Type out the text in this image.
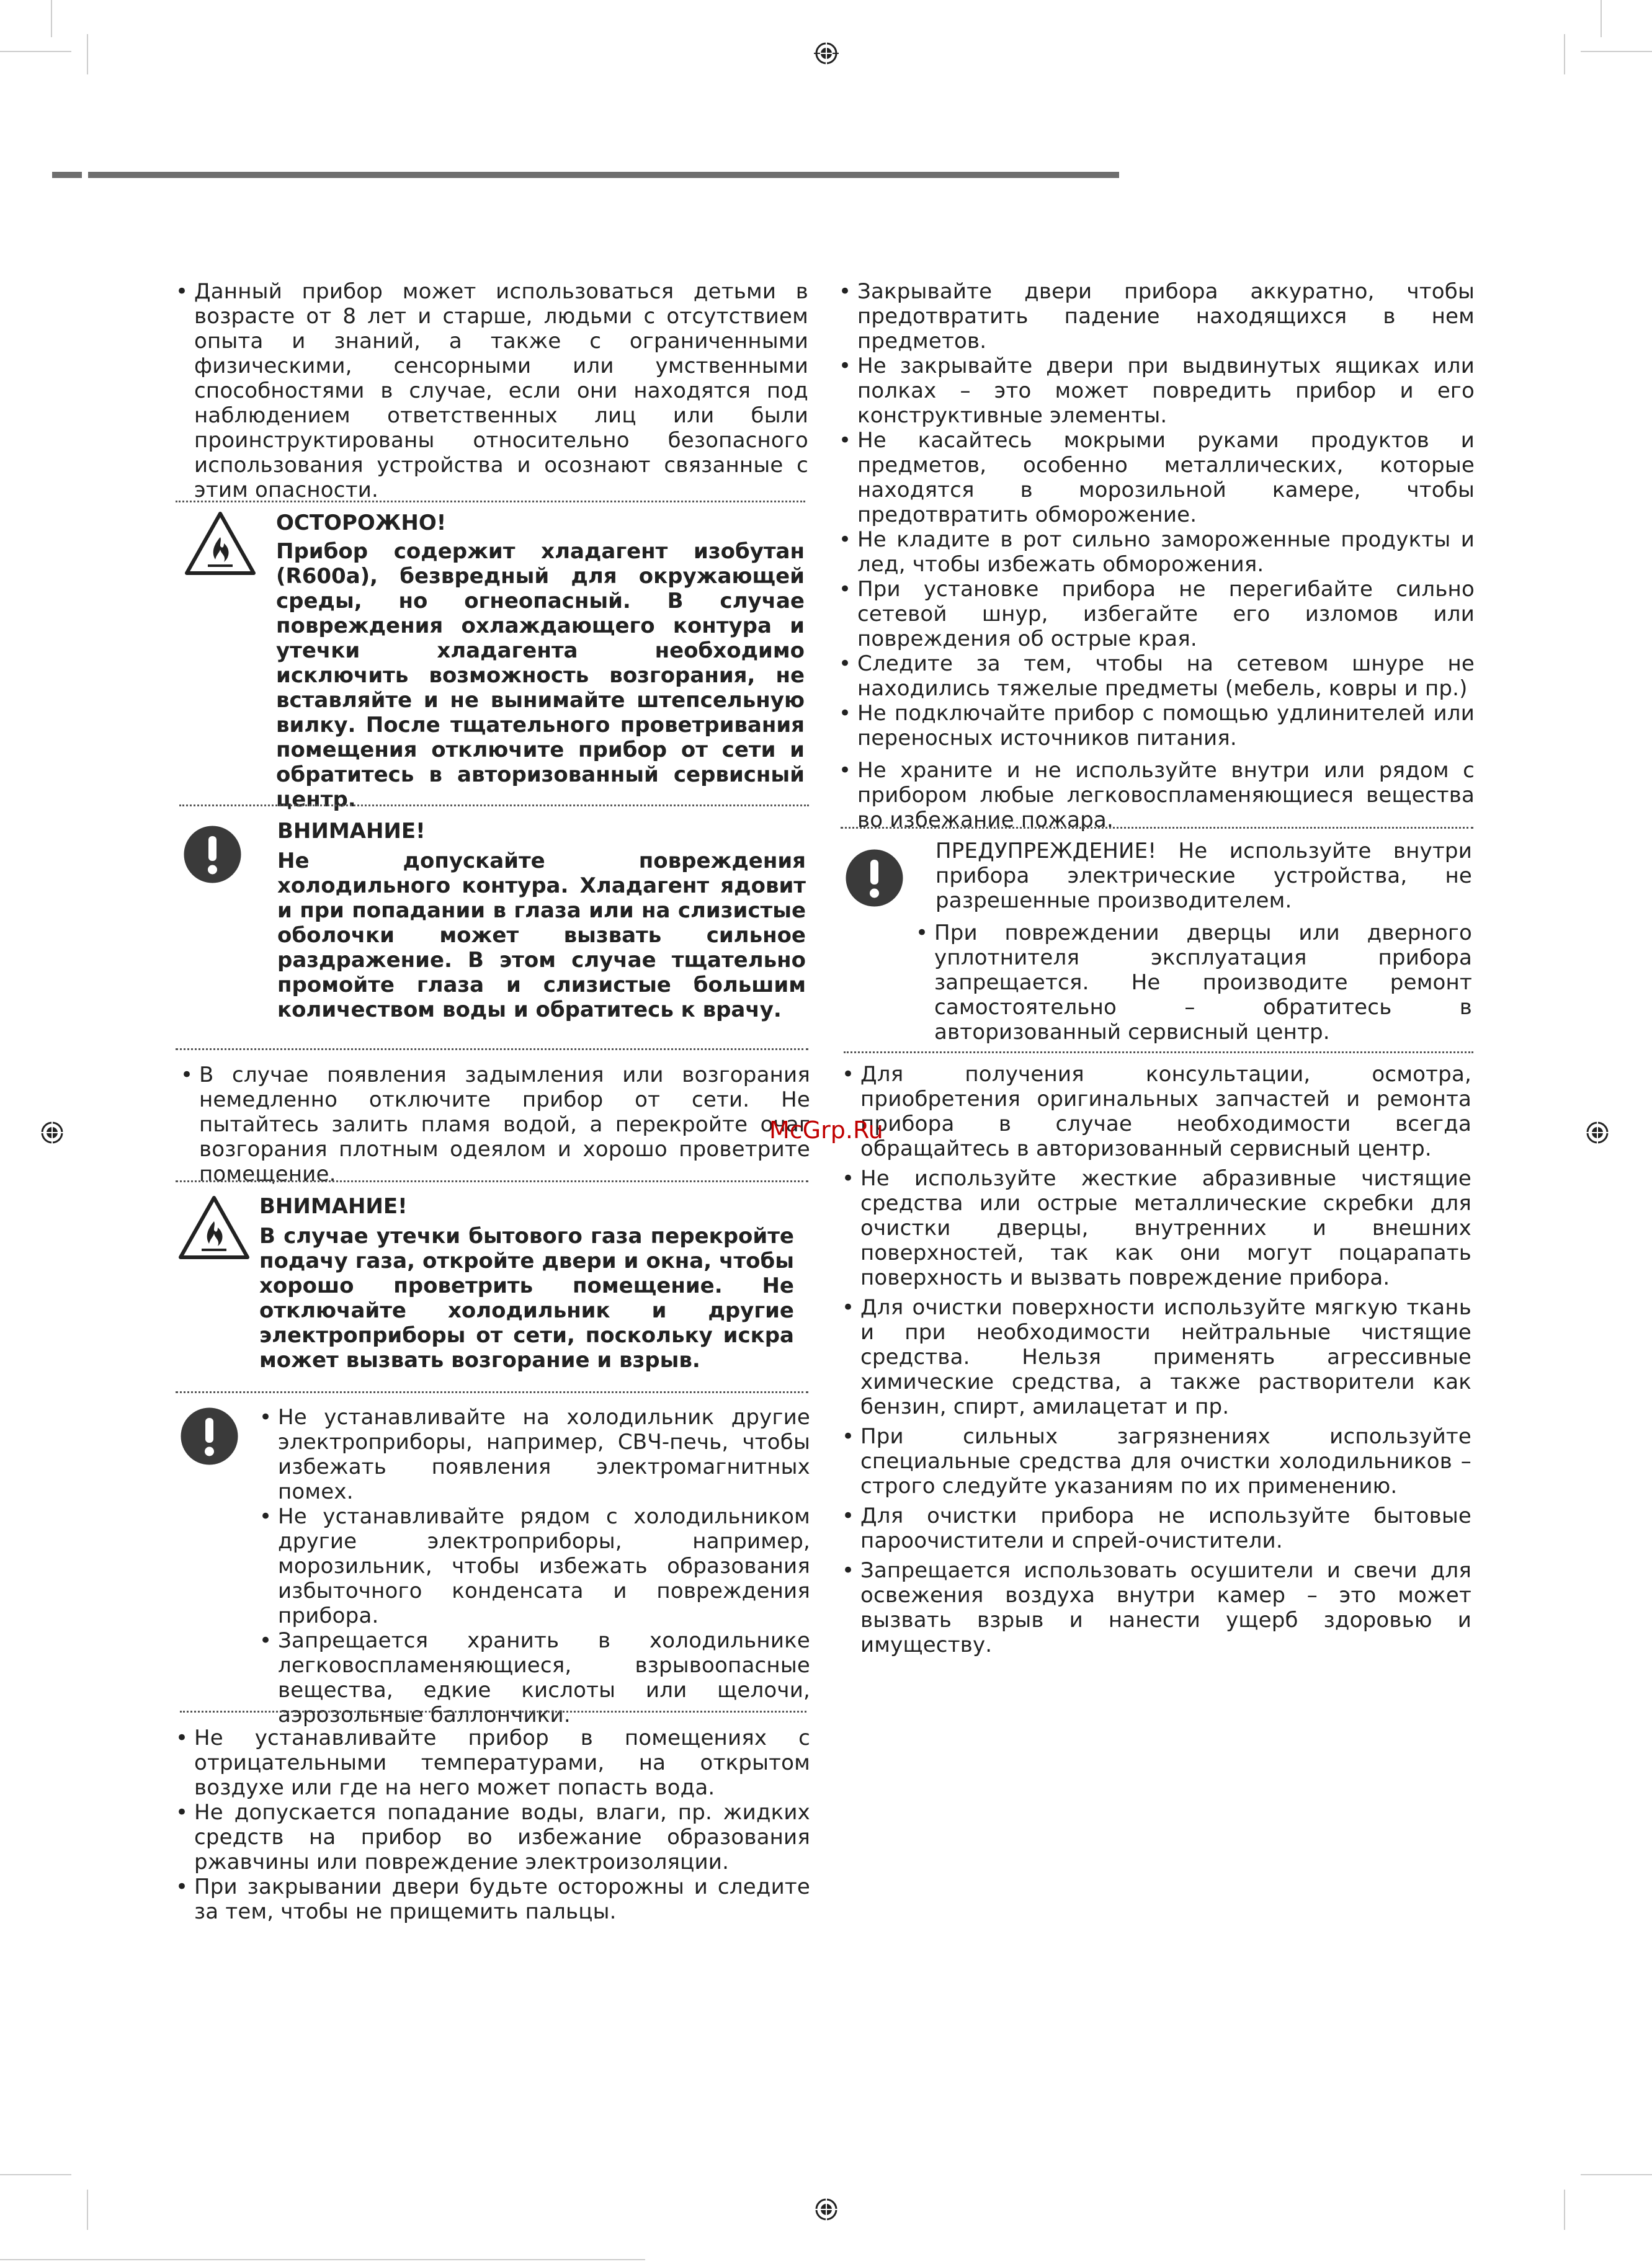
• Данный прибор может использоваться детьми в возрасте от 8 лет и старше, людьми с отсутствием опыта и знаний, а также с ограниченными физическими, сенсорными или умственными способностями в случае, если они находятся под наблюдением ответственных лиц или были проинструктированы относительно безопасного использования устройства и осознают связанные с этим опасности.

ОСТОРОЖНО!

Прибор содержит хладагент изобутан (R600a), безвредный для окружающей среды, но огнеопасный. В случае повреждения охлаждающего контура и утечки хладагента необходимо исключить возможность возгорания, не вставляйте и не вынимайте штепсельную вилку. После тщательного проветривания помещения отключите прибор от сети и обратитесь в авторизованный сервисный центр.

ВНИМАНИЕ!

Не допускайте повреждения холодильного контура. Хладагент ядовит и при попадании в глаза или на слизистые оболочки может вызвать сильное раздражение. В этом случае тщательно промойте глаза и слизистые большим количеством воды и обратитесь к врачу.

• В случае появления задымления или возгорания немедленно отключите прибор от сети. Не пытайтесь залить пламя водой, а перекройте очаг возгорания плотным одеялом и хорошо проветрите помещение.

ВНИМАНИЕ!

В случае утечки бытового газа перекройте подачу газа, откройте двери и окна, чтобы хорошо проветрить помещение. Не отключайте холодильник и другие электроприборы от сети, поскольку искра может вызвать возгорание и взрыв.

• Не устанавливайте на холодильник другие электроприборы, например, СВЧ-печь, чтобы избежать появления электромагнитных помех.
• Не устанавливайте рядом с холодильником другие электроприборы, например, морозильник, чтобы избежать образования избыточного конденсата и повреждения прибора.
• Запрещается хранить в холодильнике легковоспламеняющиеся, взрывоопасные вещества, едкие кислоты или щелочи, аэрозольные баллончики.
• Не устанавливайте прибор в помещениях с отрицательными температурами, на открытом воздухе или где на него может попасть вода.
• Не допускается попадание воды, влаги, пр. жидких средств на прибор во избежание образования ржавчины или повреждение электроизоляции.
• При закрывании двери будьте осторожны и следите за тем, чтобы не прищемить пальцы.
• Закрывайте двери прибора аккуратно, чтобы предотвратить падение находящихся в нем предметов.
• Не закрывайте двери при выдвинутых ящиках или полках – это может повредить прибор и его конструктивные элементы.
• Не касайтесь мокрыми руками продуктов и предметов, особенно металлических, которые находятся в морозильной камере, чтобы предотвратить обморожение.
• Не кладите в рот сильно замороженные продукты и лед, чтобы избежать обморожения.
• При установке прибора не перегибайте сильно сетевой шнур, избегайте его изломов или повреждения об острые края.
• Следите за тем, чтобы на сетевом шнуре не находились тяжелые предметы (мебель, ковры и пр.)
• Не подключайте прибор с помощью удлинителей или переносных источников питания.
• Не храните и не используйте внутри или рядом с прибором любые легковоспламеняющиеся вещества во избежание пожара.

ПРЕДУПРЕЖДЕНИЕ! Не используйте внутри прибора электрические устройства, не разрешенные производителем.

• При повреждении дверцы или дверного уплотнителя эксплуатация прибора запрещается. Не производите ремонт самостоятельно – обратитесь в авторизованный сервисный центр.
• Для получения консультации, осмотра, приобретения оригинальных запчастей и ремонта прибора в случае необходимости всегда обращайтесь в авторизованный сервисный центр.
• Не используйте жесткие абразивные чистящие средства или острые металлические скребки для очистки дверцы, внутренних и внешних поверхностей, так как они могут поцарапать поверхность и вызвать повреждение прибора.
• Для очистки поверхности используйте мягкую ткань и при необходимости нейтральные чистящие средства. Нельзя применять агрессивные химические средства, а также растворители как бензин, спирт, амилацетат и пр.
• При сильных загрязнениях используйте специальные средства для очистки холодильников – строго следуйте указаниям по их применению.
• Для очистки прибора не используйте бытовые пароочистители и спрей-очистители.
• Запрещается использовать осушители и свечи для освежения воздуха внутри камер – это может вызвать взрыв и нанести ущерб здоровью и имуществу.
McGrp.Ru
